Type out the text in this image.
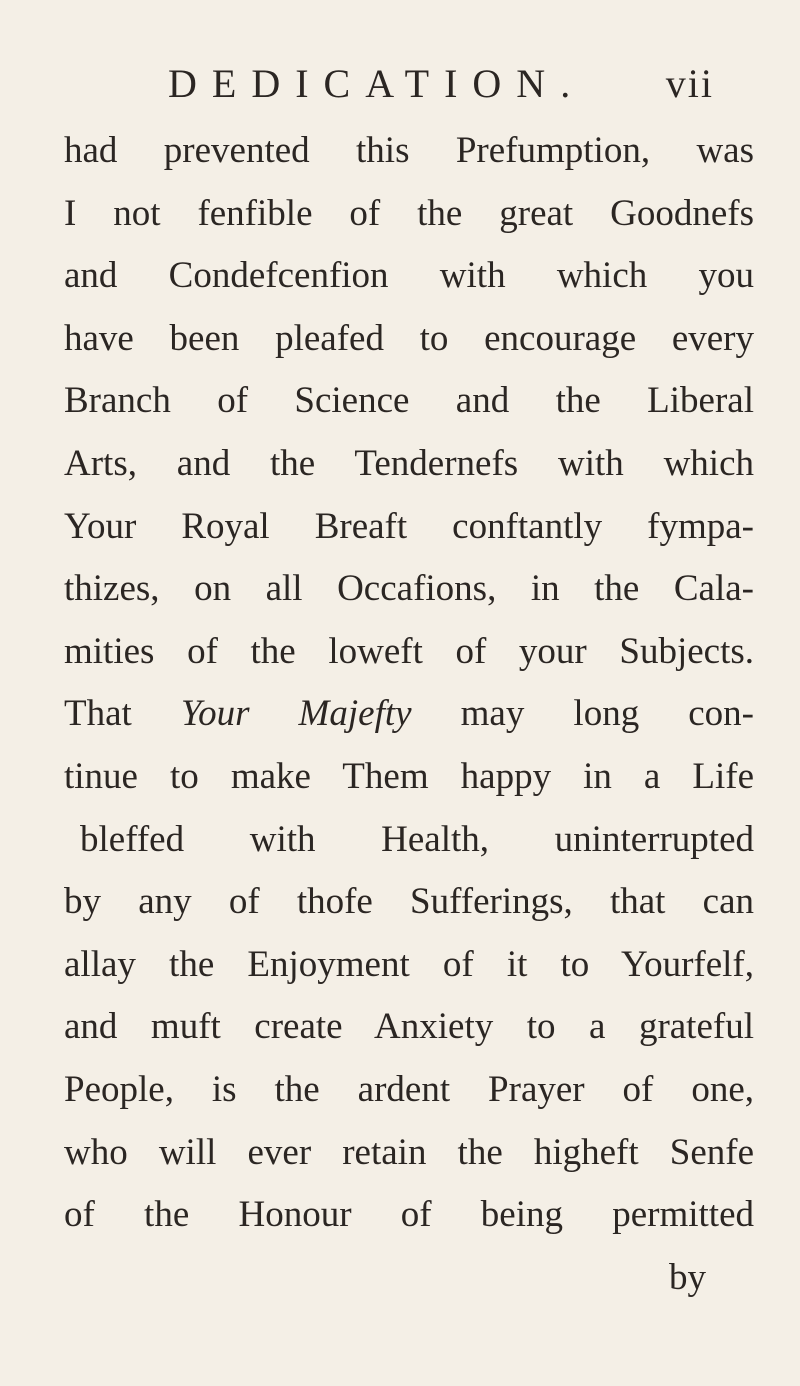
DEDICATION. vii
had prevented this Prefumption, was
I not fenfible of the great Goodnefs
and Condefcenfion with which you
have been pleafed to encourage every
Branch of Science and the Liberal
Arts, and the Tendernefs with which
Your Royal Breaft conftantly fympa-
thizes, on all Occafions, in the Cala-
mities of the loweft of your Subjects.
That Your Majefty may long con-
tinue to make Them happy in a Life
bleffed with Health, uninterrupted
by any of thofe Sufferings, that can
allay the Enjoyment of it to Yourfelf,
and muft create Anxiety to a grateful
People, is the ardent Prayer of one,
who will ever retain the higheft Senfe
of the Honour of being permitted
by
